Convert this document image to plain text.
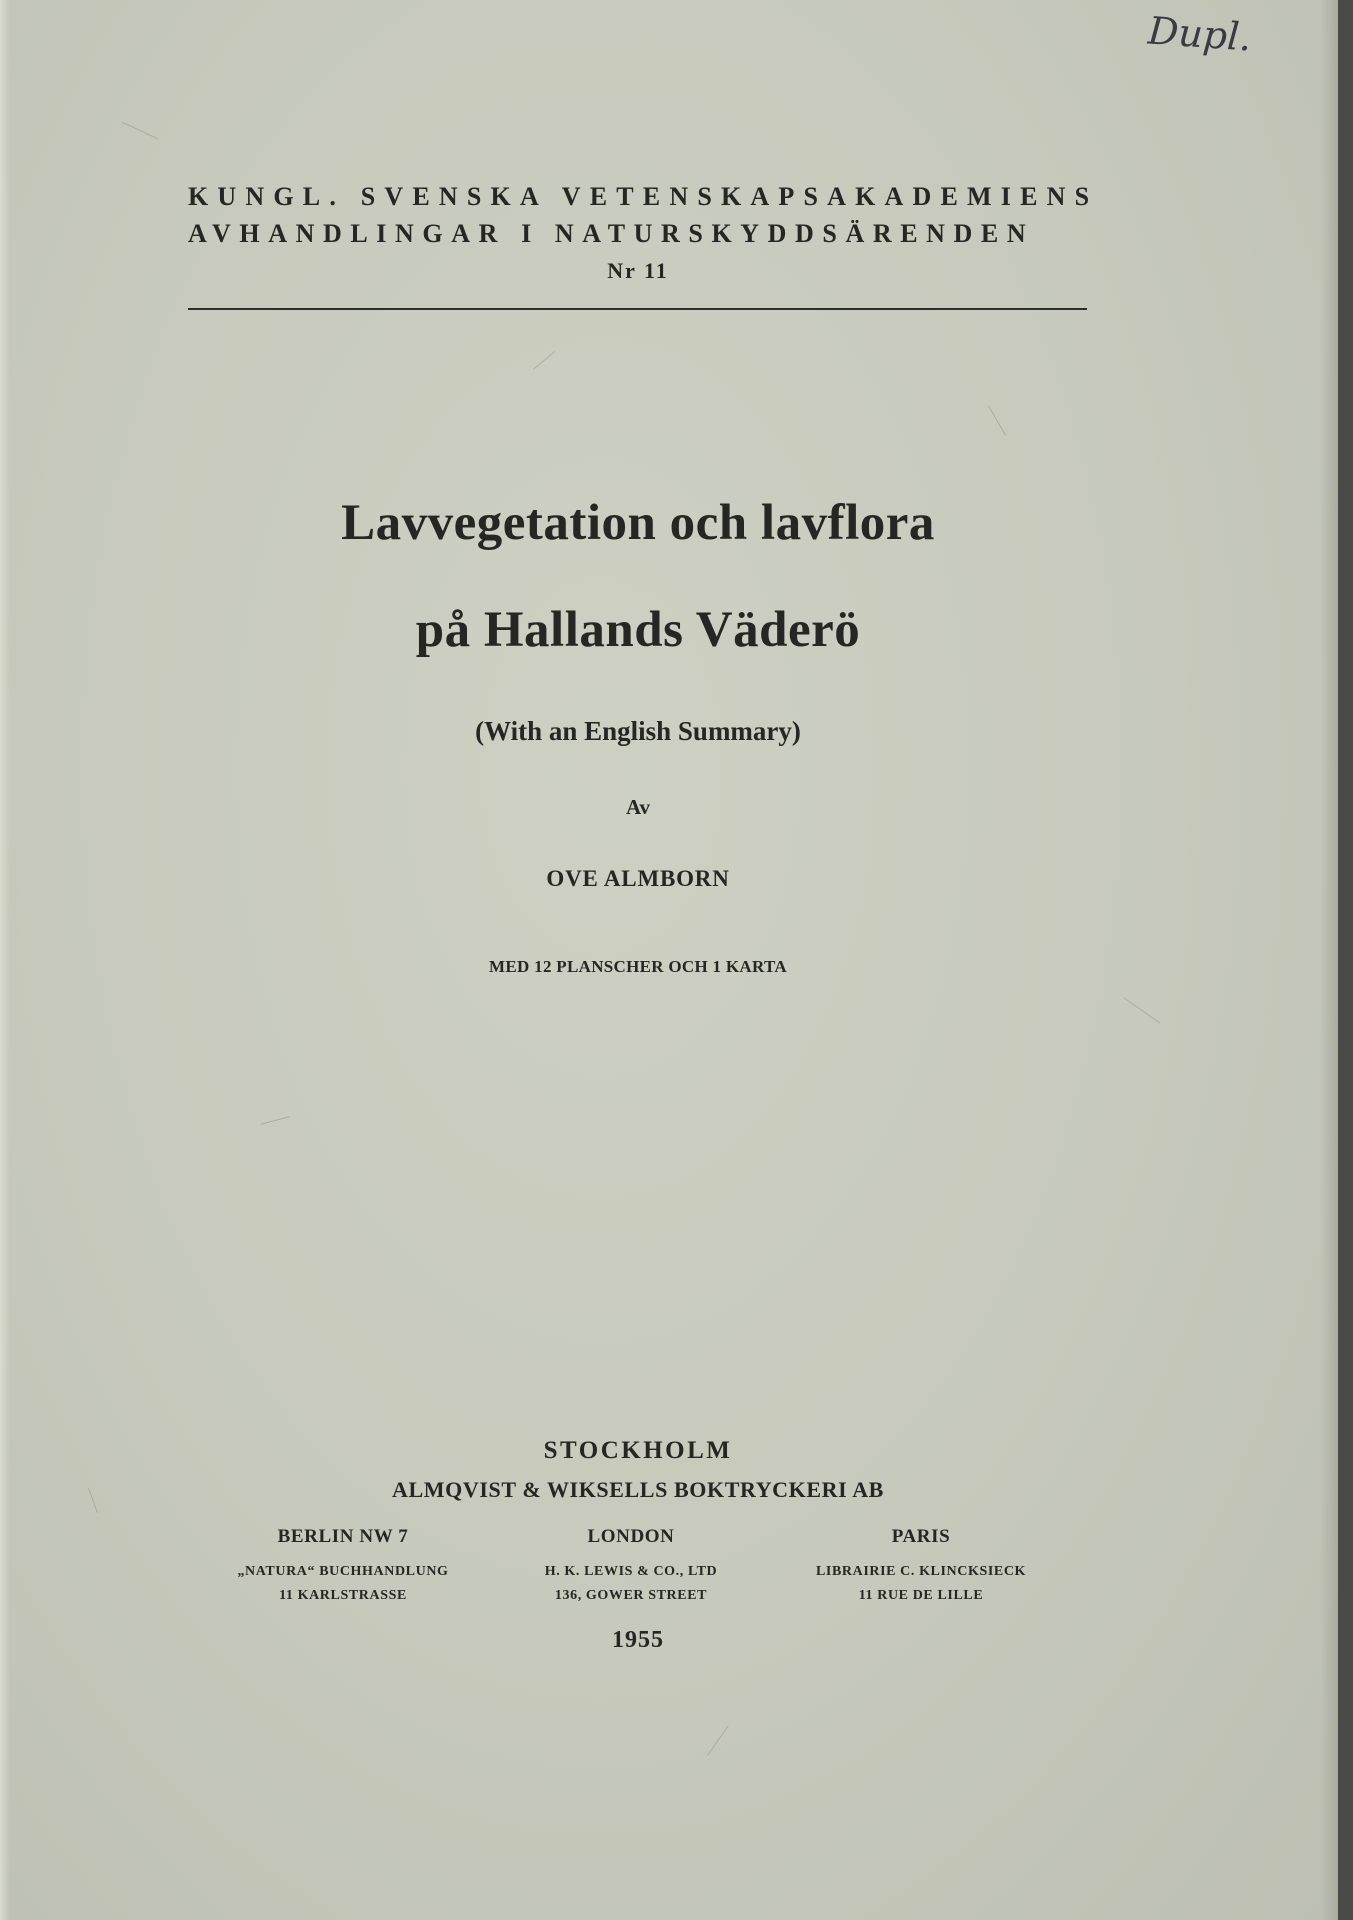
Dupl.
KUNGL. SVENSKA VETENSKAPSAKADEMIENS
AVHANDLINGAR I NATURSKYDDSÄRENDEN
Nr 11
Lavvegetation och lavflora
på Hallands Väderö
(With an English Summary)
Av
OVE ALMBORN
MED 12 PLANSCHER OCH 1 KARTA
STOCKHOLM
ALMQVIST & WIKSELLS BOKTRYCKERI AB
BERLIN NW 7
„NATURA“ BUCHHANDLUNG
11 KARLSTRASSE
LONDON
H. K. LEWIS & CO., LTD
136, GOWER STREET
PARIS
LIBRAIRIE C. KLINCKSIECK
11 RUE DE LILLE
1955
